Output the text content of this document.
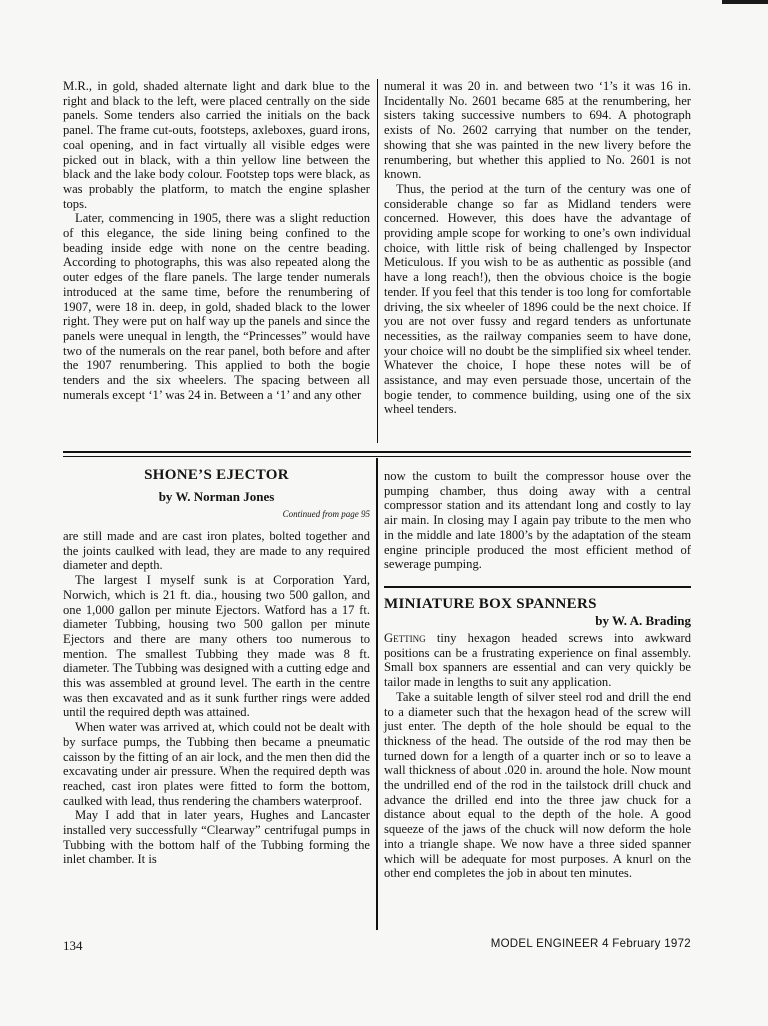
M.R., in gold, shaded alternate light and dark blue to the right and black to the left, were placed centrally on the side panels. Some tenders also carried the initials on the back panel. The frame cut-outs, footsteps, axleboxes, guard irons, coal opening, and in fact virtually all visible edges were picked out in black, with a thin yellow line between the black and the lake body colour. Footstep tops were black, as was probably the platform, to match the engine splasher tops.

Later, commencing in 1905, there was a slight reduction of this elegance, the side lining being confined to the beading inside edge with none on the centre beading. According to photographs, this was also repeated along the outer edges of the flare panels. The large tender numerals introduced at the same time, before the renumbering of 1907, were 18 in. deep, in gold, shaded black to the lower right. They were put on half way up the panels and since the panels were unequal in length, the “Princesses” would have two of the numerals on the rear panel, both before and after the 1907 renumbering. This applied to both the bogie tenders and the six wheelers. The spacing between all numerals except ‘1’ was 24 in. Between a ‘1’ and any other

numeral it was 20 in. and between two ‘1’s it was 16 in. Incidentally No. 2601 became 685 at the renumbering, her sisters taking successive numbers to 694. A photograph exists of No. 2602 carrying that number on the tender, showing that she was painted in the new livery before the renumbering, but whether this applied to No. 2601 is not known.

Thus, the period at the turn of the century was one of considerable change so far as Midland tenders were concerned. However, this does have the advantage of providing ample scope for working to one’s own individual choice, with little risk of being challenged by Inspector Meticulous. If you wish to be as authentic as possible (and have a long reach!), then the obvious choice is the bogie tender. If you feel that this tender is too long for comfortable driving, the six wheeler of 1896 could be the next choice. If you are not over fussy and regard tenders as unfortunate necessities, as the railway companies seem to have done, your choice will no doubt be the simplified six wheel tender. Whatever the choice, I hope these notes will be of assistance, and may even persuade those, uncertain of the bogie tender, to commence building, using one of the six wheel tenders.

SHONE’S EJECTOR

by W. Norman Jones

Continued from page 95

are still made and are cast iron plates, bolted together and the joints caulked with lead, they are made to any required diameter and depth.

The largest I myself sunk is at Corporation Yard, Norwich, which is 21 ft. dia., housing two 500 gallon, and one 1,000 gallon per minute Ejectors. Watford has a 17 ft. diameter Tubbing, housing two 500 gallon per minute Ejectors and there are many others too numerous to mention. The smallest Tubbing they made was 8 ft. diameter. The Tubbing was designed with a cutting edge and this was assembled at ground level. The earth in the centre was then excavated and as it sunk further rings were added until the required depth was attained.

When water was arrived at, which could not be dealt with by surface pumps, the Tubbing then became a pneumatic caisson by the fitting of an air lock, and the men then did the excavating under air pressure. When the required depth was reached, cast iron plates were fitted to form the bottom, caulked with lead, thus rendering the chambers waterproof.

May I add that in later years, Hughes and Lancaster installed very successfully “Clearway” centrifugal pumps in Tubbing with the bottom half of the Tubbing forming the inlet chamber. It is

now the custom to built the compressor house over the pumping chamber, thus doing away with a central compressor station and its attendant long and costly to lay air main. In closing may I again pay tribute to the men who in the middle and late 1800’s by the adaptation of the steam engine principle produced the most efficient method of sewerage pumping.

MINIATURE BOX SPANNERS

by W. A. Brading

Getting tiny hexagon headed screws into awkward positions can be a frustrating experience on final assembly. Small box spanners are essential and can very quickly be tailor made in lengths to suit any application.

Take a suitable length of silver steel rod and drill the end to a diameter such that the hexagon head of the screw will just enter. The depth of the hole should be equal to the thickness of the head. The outside of the rod may then be turned down for a length of a quarter inch or so to leave a wall thickness of about .020 in. around the hole. Now mount the undrilled end of the rod in the tailstock drill chuck and advance the drilled end into the three jaw chuck for a distance about equal to the depth of the hole. A good squeeze of the jaws of the chuck will now deform the hole into a triangle shape. We now have a three sided spanner which will be adequate for most purposes. A knurl on the other end completes the job in about ten minutes.

134	MODEL ENGINEER 4 February 1972
